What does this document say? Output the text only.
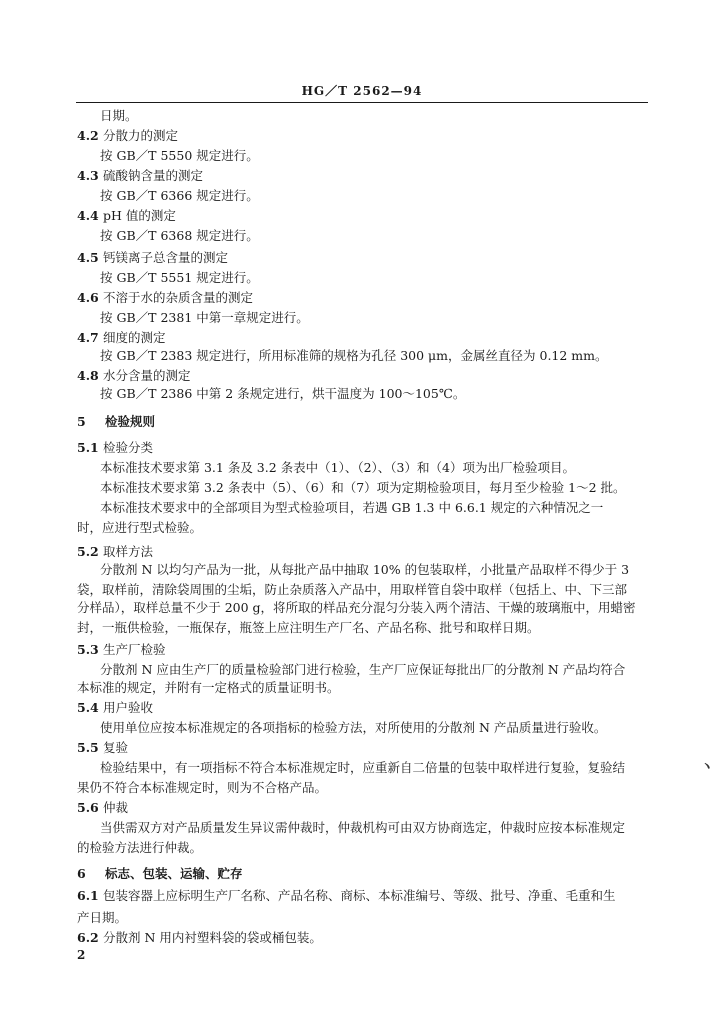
HG／T 2562—94
日期。
4.2 分散力的测定
按 GB／T 5550 规定进行。
4.3 硫酸钠含量的测定
按 GB／T 6366 规定进行。
4.4 pH 值的测定
按 GB／T 6368 规定进行。
4.5 钙镁离子总含量的测定
按 GB／T 5551 规定进行。
4.6 不溶于水的杂质含量的测定
按 GB／T 2381 中第一章规定进行。
4.7 细度的测定
按 GB／T 2383 规定进行，所用标准筛的规格为孔径 300 μm，金属丝直径为 0.12 mm。
4.8 水分含量的测定
按 GB／T 2386 中第 2 条规定进行，烘干温度为 100～105℃。
5 检验规则
5.1 检验分类
本标准技术要求第 3.1 条及 3.2 条表中（1）、（2）、（3）和（4）项为出厂检验项目。
本标准技术要求第 3.2 条表中（5）、（6）和（7）项为定期检验项目，每月至少检验 1～2 批。
本标准技术要求中的全部项目为型式检验项目，若遇 GB 1.3 中 6.6.1 规定的六种情况之一
时，应进行型式检验。
5.2 取样方法
分散剂 N 以均匀产品为一批，从每批产品中抽取 10% 的包装取样，小批量产品取样不得少于 3
袋，取样前，清除袋周围的尘垢，防止杂质落入产品中，用取样管自袋中取样（包括上、中、下三部
分样品），取样总量不少于 200 g，将所取的样品充分混匀分装入两个清洁、干燥的玻璃瓶中，用蜡密
封，一瓶供检验，一瓶保存，瓶签上应注明生产厂名、产品名称、批号和取样日期。
5.3 生产厂检验
分散剂 N 应由生产厂的质量检验部门进行检验，生产厂应保证每批出厂的分散剂 N 产品均符合
本标准的规定，并附有一定格式的质量证明书。
5.4 用户验收
使用单位应按本标准规定的各项指标的检验方法，对所使用的分散剂 N 产品质量进行验收。
5.5 复验
检验结果中，有一项指标不符合本标准规定时，应重新自二倍量的包装中取样进行复验，复验结
果仍不符合本标准规定时，则为不合格产品。
5.6 仲裁
当供需双方对产品质量发生异议需仲裁时，仲裁机构可由双方协商选定，仲裁时应按本标准规定
的检验方法进行仲裁。
6 标志、包装、运输、贮存
6.1 包装容器上应标明生产厂名称、产品名称、商标、本标准编号、等级、批号、净重、毛重和生
产日期。
6.2 分散剂 N 用内衬塑料袋的袋或桶包装。
2
ヽ
